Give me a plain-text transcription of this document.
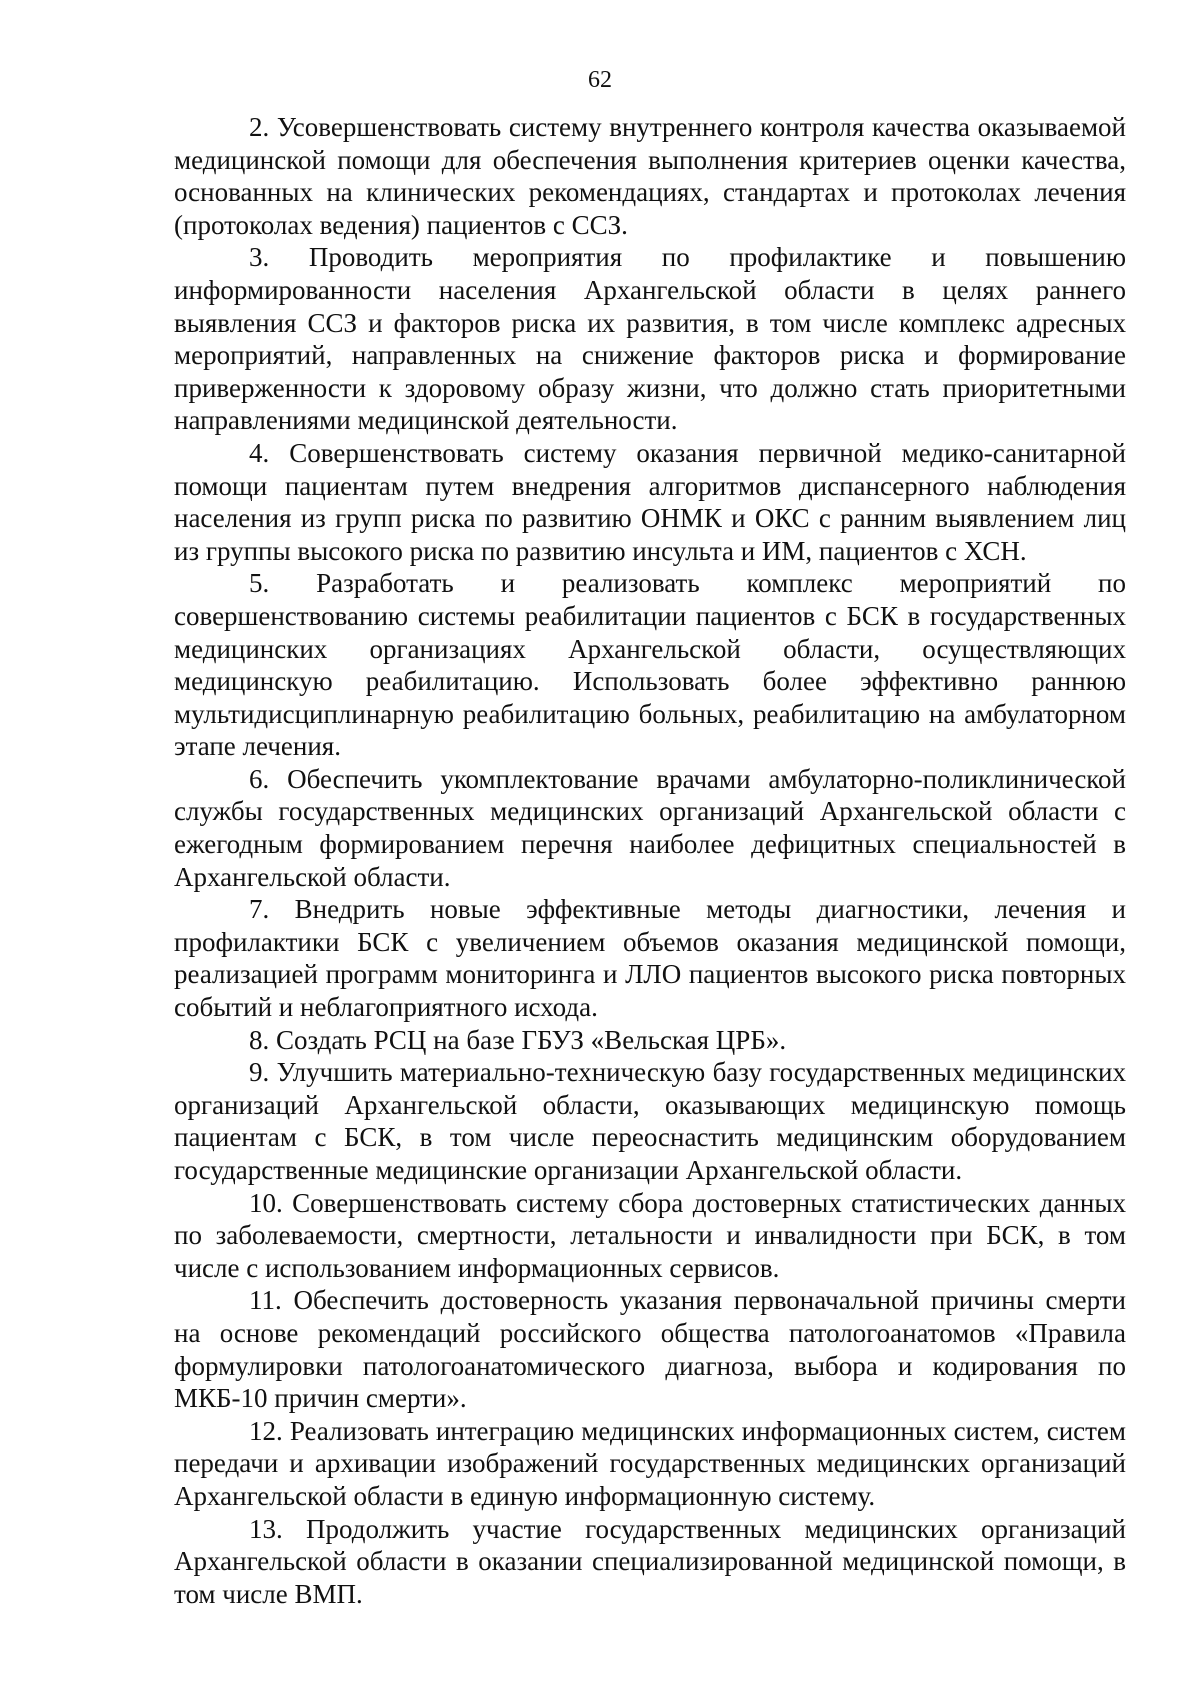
62

2. Усовершенствовать систему внутреннего контроля качества оказываемой медицинской помощи для обеспечения выполнения критериев оценки качества, основанных на клинических рекомендациях, стандартах и протоколах лечения (протоколах ведения) пациентов с ССЗ.

3. Проводить мероприятия по профилактике и повышению информированности населения Архангельской области в целях раннего выявления ССЗ и факторов риска их развития, в том числе комплекс адресных мероприятий, направленных на снижение факторов риска и формирование приверженности к здоровому образу жизни, что должно стать приоритетными направлениями медицинской деятельности.

4. Совершенствовать систему оказания первичной медико-санитарной помощи пациентам путем внедрения алгоритмов диспансерного наблюдения населения из групп риска по развитию ОНМК и ОКС с ранним выявлением лиц из группы высокого риска по развитию инсульта и ИМ, пациентов с ХСН.

5. Разработать и реализовать комплекс мероприятий по совершенствованию системы реабилитации пациентов с БСК в государственных медицинских организациях Архангельской области, осуществляющих медицинскую реабилитацию. Использовать более эффективно раннюю мультидисциплинарную реабилитацию больных, реабилитацию на амбулаторном этапе лечения.

6. Обеспечить укомплектование врачами амбулаторно-поликлинической службы государственных медицинских организаций Архангельской области с ежегодным формированием перечня наиболее дефицитных специальностей в Архангельской области.

7. Внедрить новые эффективные методы диагностики, лечения и профилактики БСК с увеличением объемов оказания медицинской помощи, реализацией программ мониторинга и ЛЛО пациентов высокого риска повторных событий и неблагоприятного исхода.

8. Создать РСЦ на базе ГБУЗ «Вельская ЦРБ».

9. Улучшить материально-техническую базу государственных медицинских организаций Архангельской области, оказывающих медицинскую помощь пациентам с БСК, в том числе переоснастить медицинским оборудованием государственные медицинские организации Архангельской области.

10. Совершенствовать систему сбора достоверных статистических данных по заболеваемости, смертности, летальности и инвалидности при БСК, в том числе с использованием информационных сервисов.

11. Обеспечить достоверность указания первоначальной причины смерти на основе рекомендаций российского общества патологоанатомов «Правила формулировки патологоанатомического диагноза, выбора и кодирования по МКБ-10 причин смерти».

12. Реализовать интеграцию медицинских информационных систем, систем передачи и архивации изображений государственных медицинских организаций Архангельской области в единую информационную систему.

13. Продолжить участие государственных медицинских организаций Архангельской области в оказании специализированной медицинской помощи, в том числе ВМП.
